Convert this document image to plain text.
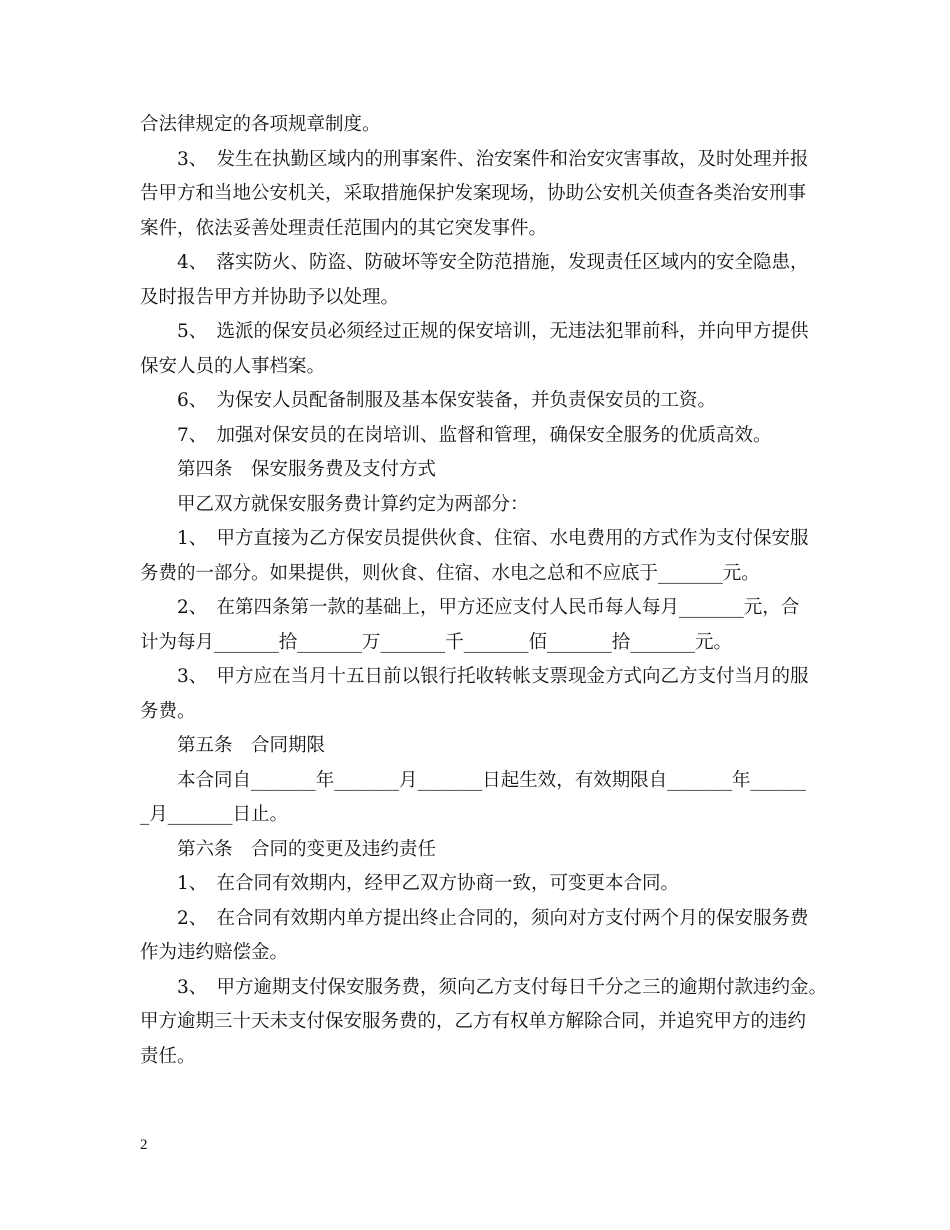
合法律规定的各项规章制度。
3、　发生在执勤区域内的刑事案件、治安案件和治安灾害事故，及时处理并报
告甲方和当地公安机关，采取措施保护发案现场，协助公安机关侦查各类治安刑事
案件，依法妥善处理责任范围内的其它突发事件。
4、　落实防火、防盗、防破坏等安全防范措施，发现责任区域内的安全隐患，
及时报告甲方并协助予以处理。
5、　选派的保安员必须经过正规的保安培训，无违法犯罪前科，并向甲方提供
保安人员的人事档案。
6、　为保安人员配备制服及基本保安装备，并负责保安员的工资。
7、　加强对保安员的在岗培训、监督和管理，确保安全服务的优质高效。
第四条　保安服务费及支付方式
甲乙双方就保安服务费计算约定为两部分：
1、　甲方直接为乙方保安员提供伙食、住宿、水电费用的方式作为支付保安服
务费的一部分。如果提供，则伙食、住宿、水电之总和不应底于_______元。
2、　在第四条第一款的基础上，甲方还应支付人民币每人每月_______元，合
计为每月_______拾_______万_______千_______佰_______拾_______元。
3、　甲方应在当月十五日前以银行托收转帐支票现金方式向乙方支付当月的服
务费。
第五条　合同期限
本合同自_______年_______月_______日起生效，有效期限自_______年______
_月_______日止。
第六条　合同的变更及违约责任
1、　在合同有效期内，经甲乙双方协商一致，可变更本合同。
2、　在合同有效期内单方提出终止合同的，须向对方支付两个月的保安服务费
作为违约赔偿金。
3、　甲方逾期支付保安服务费，须向乙方支付每日千分之三的逾期付款违约金。
甲方逾期三十天未支付保安服务费的，乙方有权单方解除合同，并追究甲方的违约
责任。
2
